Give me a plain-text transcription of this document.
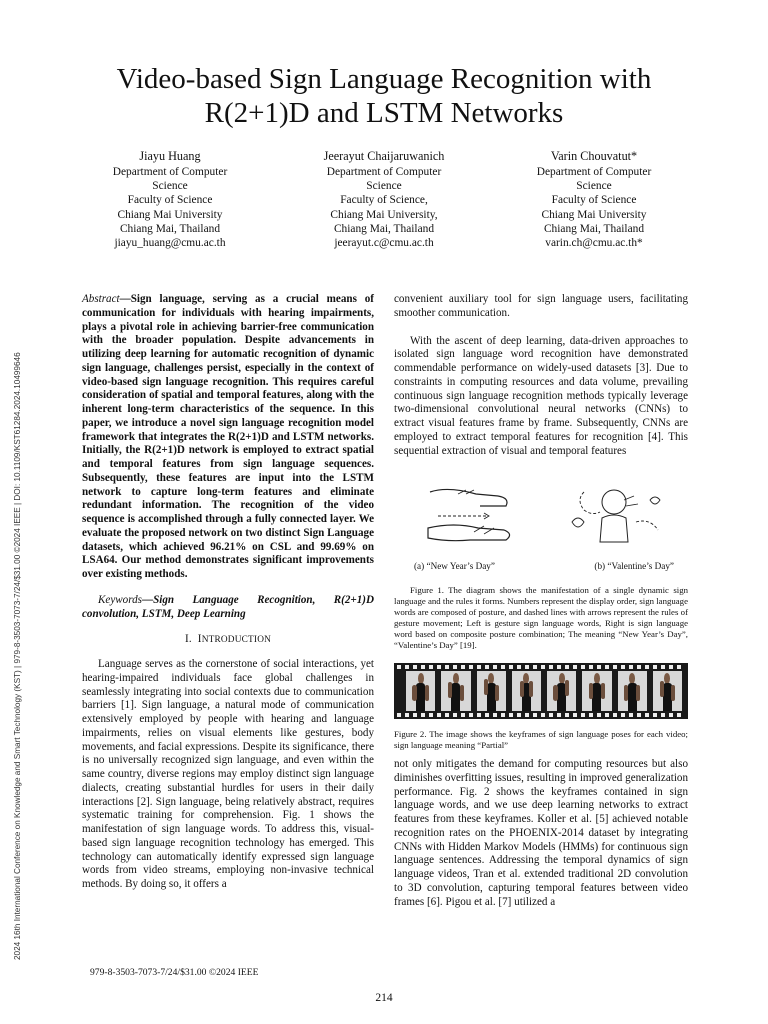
2024 16th International Conference on Knowledge and Smart Technology (KST) | 979-8-3503-7073-7/24/$31.00 ©2024 IEEE | DOI: 10.1109/KST61284.2024.10499646
Video-based Sign Language Recognition with
R(2+1)D and LSTM Networks
Jiayu Huang
Department of Computer
Science
Faculty of Science
Chiang Mai University
Chiang Mai, Thailand
jiayu_huang@cmu.ac.th
Jeerayut Chaijaruwanich
Department of Computer
Science
Faculty of Science,
Chiang Mai University,
Chiang Mai, Thailand
jeerayut.c@cmu.ac.th
Varin Chouvatut*
Department of Computer
Science
Faculty of Science
Chiang Mai University
Chiang Mai, Thailand
varin.ch@cmu.ac.th*

Abstract—Sign language, serving as a crucial means of communication for individuals with hearing impairments, plays a pivotal role in achieving barrier-free communication with the broader population. Despite advancements in utilizing deep learning for automatic recognition of dynamic sign language, challenges persist, especially in the context of video-based sign language recognition. This requires careful consideration of spatial and temporal features, along with the inherent long-term characteristics of the sequence. In this paper, we introduce a novel sign language recognition model framework that integrates the R(2+1)D and LSTM networks. Initially, the R(2+1)D network is employed to extract spatial and temporal features from sign language sequences. Subsequently, these features are input into the LSTM network to capture long-term features and eliminate redundant information. The recognition of the video sequence is accomplished through a fully connected layer. We evaluate the proposed network on two distinct Sign Language datasets, which achieved 96.21% on CSL and 99.69% on LSA64. Our method demonstrates significant improvements over existing methods.

Keywords—Sign Language Recognition, R(2+1)D convolution, LSTM, Deep Learning

I. INTRODUCTION

Language serves as the cornerstone of social interactions, yet hearing-impaired individuals face global challenges in seamlessly integrating into social contexts due to communication barriers [1]. Sign language, a natural mode of communication extensively employed by people with hearing and language impairments, relies on visual elements like gestures, body movements, and facial expressions. Despite its significance, there is no universally recognized sign language, and even within the same country, diverse regions may employ distinct sign language dialects, creating substantial hurdles for users in their daily interactions [2]. Sign language, being relatively abstract, requires systematic training for comprehension. Fig. 1 shows the manifestation of sign language words. To address this, visual-based sign language recognition technology has emerged. This technology can automatically identify expressed sign language words from video streams, employing non-invasive technical methods. By doing so, it offers a

convenient auxiliary tool for sign language users, facilitating smoother communication.

With the ascent of deep learning, data-driven approaches to isolated sign language word recognition have demonstrated commendable performance on widely-used datasets [3]. Due to constraints in computing resources and data volume, prevailing continuous sign language recognition methods typically leverage two-dimensional convolutional neural networks (CNNs) to extract visual features frame by frame. Subsequently, CNNs are employed to extract temporal features for recognition [4]. This sequential extraction of visual and temporal features

(a) “New Year’s Day”	(b) “Valentine’s Day”

Figure 1. The diagram shows the manifestation of a single dynamic sign language and the rules it forms. Numbers represent the display order, sign language words are composed of posture, and dashed lines with arrows represent the rules of gesture movement; Left is gesture sign language words, Right is sign language word based on composite posture combination; The meaning “New Year’s Day”, “Valentine’s Day” [19].

Figure 2. The image shows the keyframes of sign language poses for each video; sign language meaning “Partial”

not only mitigates the demand for computing resources but also diminishes overfitting issues, resulting in improved generalization performance. Fig. 2 shows the keyframes contained in sign language words, and we use deep learning networks to extract features from these keyframes. Koller et al. [5] achieved notable recognition rates on the PHOENIX-2014 dataset by integrating CNNs with Hidden Markov Models (HMMs) for continuous sign language sentences. Addressing the temporal dynamics of sign language videos, Tran et al. extended traditional 2D convolution to 3D convolution, capturing temporal features between video frames [6]. Pigou et al. [7] utilized a

979-8-3503-7073-7/24/$31.00 ©2024 IEEE
214
